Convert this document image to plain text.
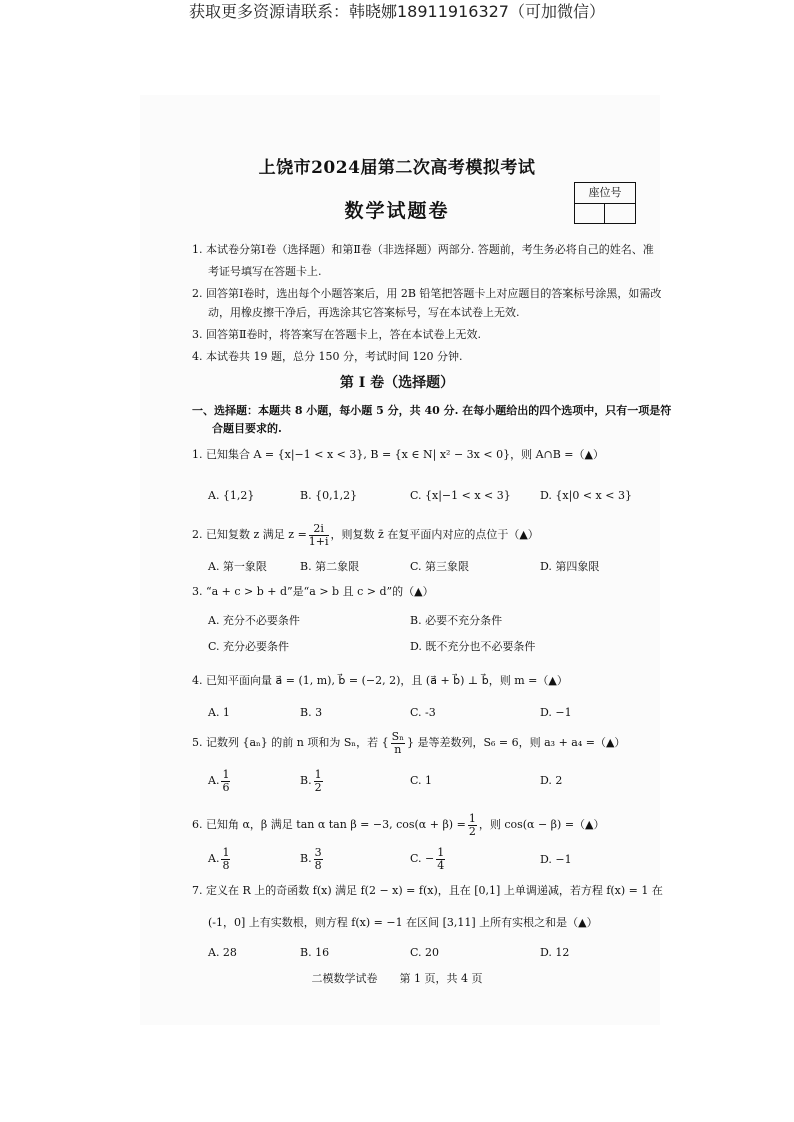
获取更多资源请联系：韩晓娜18911916327（可加微信）
上饶市2024届第二次高考模拟考试
数学试题卷
座位号
1. 本试卷分第Ⅰ卷（选择题）和第Ⅱ卷（非选择题）两部分. 答题前，考生务必将自己的姓名、准
考证号填写在答题卡上.
2. 回答第Ⅰ卷时，选出每个小题答案后，用 2B 铅笔把答题卡上对应题目的答案标号涂黑，如需改
动，用橡皮擦干净后，再选涂其它答案标号，写在本试卷上无效.
3. 回答第Ⅱ卷时，将答案写在答题卡上，答在本试卷上无效.
4. 本试卷共 19 题，总分 150 分，考试时间 120 分钟.
第 I 卷（选择题）
一、选择题：本题共 8 小题，每小题 5 分，共 40 分. 在每小题给出的四个选项中，只有一项是符
合题目要求的.
1. 已知集合 A = {x|−1 < x < 3}, B = {x ∈ N| x² − 3x < 0}，则 A∩B =（▲）
A. {1,2}	B. {0,1,2}	C. {x|−1 < x < 3}	D. {x|0 < x < 3}
2. 已知复数 z 满足 $z = \frac{2i}{1+i}$ ，则复数 z̄ 在复平面内对应的点位于（▲）
A. 第一象限	B. 第二象限	C. 第三象限	D. 第四象限
3. “a + c > b + d”是“a > b 且 c > d”的（▲）
A. 充分不必要条件	B. 必要不充分条件
C. 充分必要条件	D. 既不充分也不必要条件
4. 已知平面向量 a⃗ = (1, m), b⃗ = (−2, 2)，且 (a⃗ + b⃗) ⊥ b⃗，则 m =（▲）
A. 1	B. 3	C. -3	D. −1
5. 记数列 {aₙ} 的前 n 项和为 Sₙ，若 { $\frac{\text{Sₙ}}{n}$ } 是等差数列，S₆ = 6，则 a₃ + a₄ =（▲）
A. $\frac{1}{6}$	B. $\frac{1}{2}$	C. 1	D. 2
6. 已知角 α，β 满足 tan α tan β = −3, $\cos(\alpha + \beta) = \frac{1}{2}$ ，则 cos(α − β) =（▲）
A. $\frac{1}{8}$	B. $\frac{3}{8}$	C. − $\frac{1}{4}$	D. −1
7. 定义在 R 上的奇函数 f(x) 满足 f(2 − x) = f(x)，且在 [0,1] 上单调递减，若方程 f(x) = 1 在
(-1，0] 上有实数根，则方程 f(x) = −1 在区间 [3,11] 上所有实根之和是（▲）
A. 28	B. 16	C. 20	D. 12
二模数学试卷　　第 1 页，共 4 页
